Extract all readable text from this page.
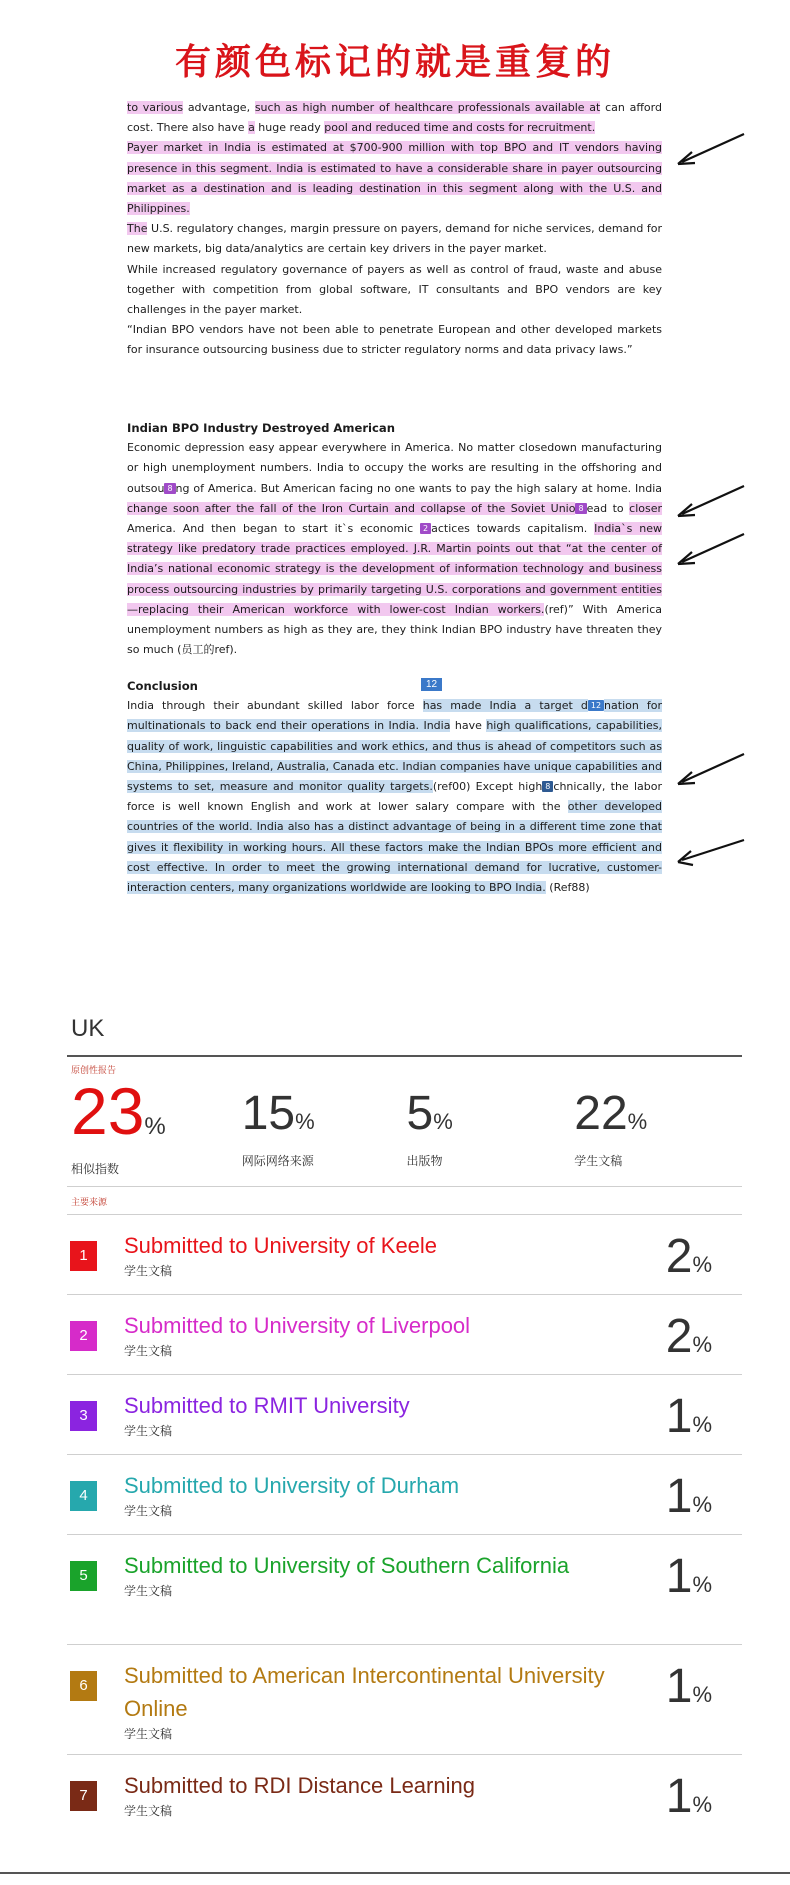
有颜色标记的就是重复的

to various advantage, such as high number of healthcare professionals available at can afford cost. There also have a huge ready pool and reduced time and costs for recruitment.

Payer market in India is estimated at $700-900 million with top BPO and IT vendors having presence in this segment. India is estimated to have a considerable share in payer outsourcing market as a destination and is leading destination in this segment along with the U.S. and Philippines.

The U.S. regulatory changes, margin pressure on payers, demand for niche services, demand for new markets, big data/analytics are certain key drivers in the payer market.

While increased regulatory governance of payers as well as control of fraud, waste and abuse together with competition from global software, IT consultants and BPO vendors are key challenges in the payer market.

“Indian BPO vendors have not been able to penetrate European and other developed markets for insurance outsourcing business due to stricter regulatory norms and data privacy laws.”

Indian BPO Industry Destroyed American

Economic depression easy appear everywhere in America. No matter closedown manufacturing or high unemployment numbers. India to occupy the works are resulting in the offshoring and outsou 8 ng of America. But American facing no one wants to pay the high salary at home. India change soon after the fall of the Iron Curtain and collapse of the Soviet Unio 8 ead to closer America. And then began to start it`s economic 2 actices towards capitalism. India`s new strategy like predatory trade practices employed. J.R. Martin points out that “at the center of India’s national economic strategy is the development of information technology and business process outsourcing industries by primarily targeting U.S. corporations and government entities—replacing their American workforce with lower-cost Indian workers.(ref)” With America unemployment numbers as high as they are, they think Indian BPO industry have threaten they so much (员工的ref).

12

Conclusion

India through their abundant skilled labor force has made India a target d 12 nation for multinationals to back end their operations in India. India have high qualifications, capabilities, quality of work, linguistic capabilities and work ethics, and thus is ahead of competitors such as China, Philippines, Ireland, Australia, Canada etc. Indian companies have unique capabilities and systems to set, measure and monitor quality targets.(ref00) Except high 8 chnically, the labor force is well known English and work at lower salary compare with the other developed countries of the world. India also has a distinct advantage of being in a different time zone that gives it flexibility in working hours. All these factors make the Indian BPOs more efficient and cost effective. In order to meet the growing international demand for lucrative, customer-interaction centers, many organizations worldwide are looking to BPO India. (Ref88)

UK
原创性报告
23%
相似指数
15%
网际网络来源
5%
出版物
22%
学生文稿
主要来源
1	Submitted to University of Keele
学生文稿	2%
2	Submitted to University of Liverpool
学生文稿	2%
3	Submitted to RMIT University
学生文稿	1%
4	Submitted to University of Durham
学生文稿	1%
5	Submitted to University of Southern California
学生文稿	1%
6	Submitted to American Intercontinental University Online
学生文稿
1%
7	Submitted to RDI Distance Learning
学生文稿	1%
